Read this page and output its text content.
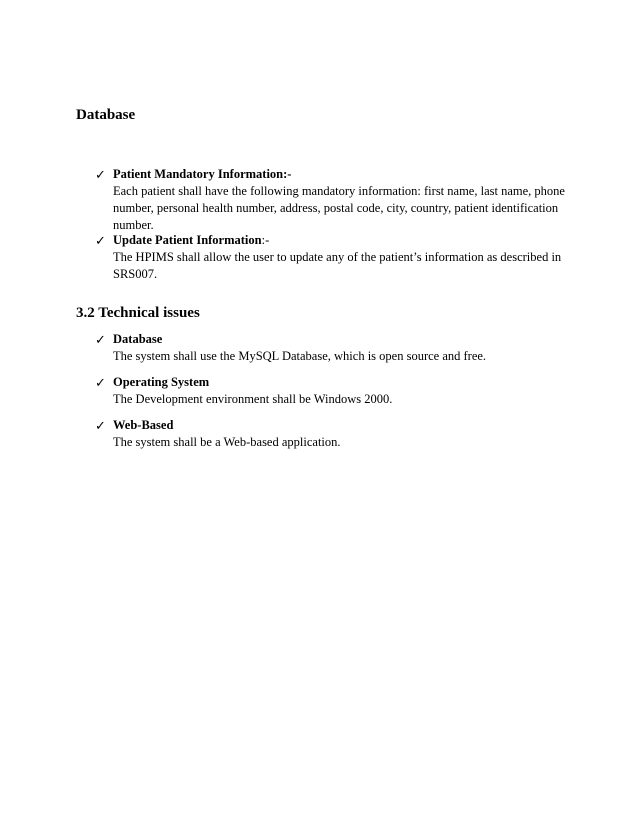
Database
✓ Patient Mandatory Information:-
Each patient shall have the following mandatory information: first name, last name, phone number, personal health number, address, postal code, city, country, patient identification number.
✓ Update Patient Information:-
The HPIMS shall allow the user to update any of the patient’s information as described in SRS007.
3.2 Technical issues
✓ Database
The system shall use the MySQL Database, which is open source and free.
✓ Operating System
The Development environment shall be Windows 2000.
✓ Web-Based
The system shall be a Web-based application.
